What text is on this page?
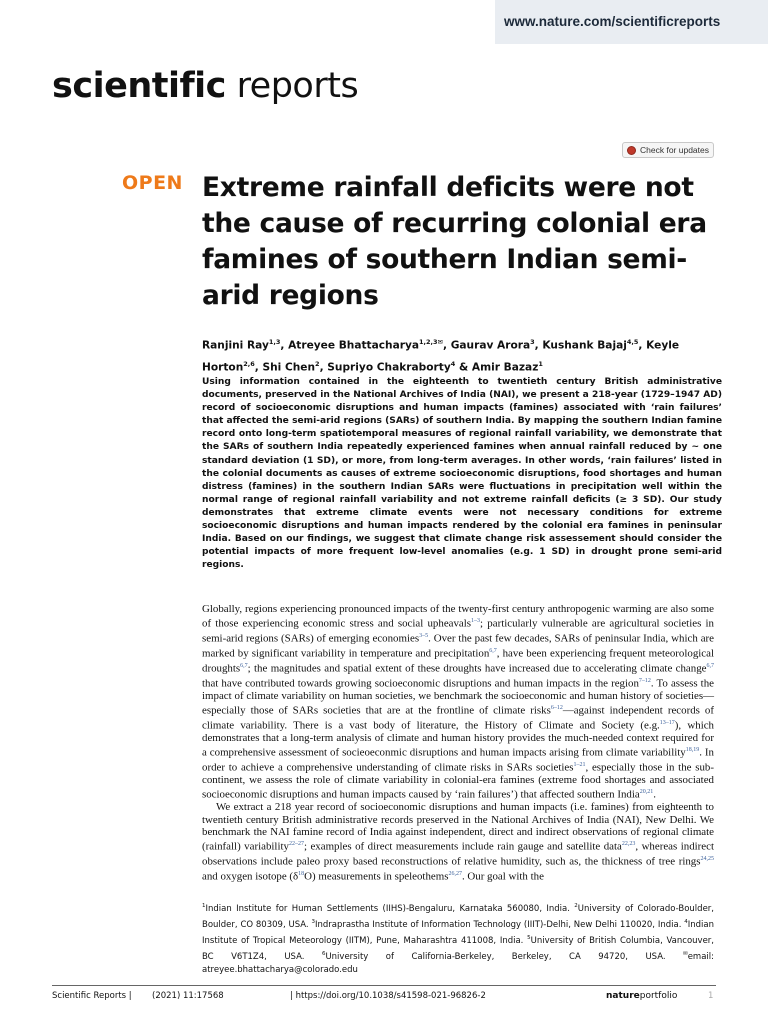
www.nature.com/scientificreports
scientific reports
Check for updates
OPEN Extreme rainfall deficits were not the cause of recurring colonial era famines of southern Indian semi-arid regions
Ranjini Ray$^{1,3}$, Atreyee Bhattacharya$^{1,2,3✉}$, Gaurav Arora$^3$, Kushank Bajaj$^{4,5}$, Keyle Horton$^{2,6}$, Shi Chen$^2$, Supriyo Chakraborty$^4$ & Amir Bazaz$^1$

Using information contained in the eighteenth to twentieth century British administrative documents, preserved in the National Archives of India (NAI), we present a 218-year (1729–1947 AD) record of socioeconomic disruptions and human impacts (famines) associated with ‘rain failures’ that affected the semi-arid regions (SARs) of southern India. By mapping the southern Indian famine record onto long-term spatiotemporal measures of regional rainfall variability, we demonstrate that the SARs of southern India repeatedly experienced famines when annual rainfall reduced by ~ one standard deviation (1 SD), or more, from long-term averages. In other words, ‘rain failures’ listed in the colonial documents as causes of extreme socioeconomic disruptions, food shortages and human distress (famines) in the southern Indian SARs were fluctuations in precipitation well within the normal range of regional rainfall variability and not extreme rainfall deficits (≥ 3 SD). Our study demonstrates that extreme climate events were not necessary conditions for extreme socioeconomic disruptions and human impacts rendered by the colonial era famines in peninsular India. Based on our findings, we suggest that climate change risk assessement should consider the potential impacts of more frequent low-level anomalies (e.g. 1 SD) in drought prone semi-arid regions.

Globally, regions experiencing pronounced impacts of the twenty-first century anthropogenic warming are also some of those experiencing economic stress and social upheavals$^{1-3}$; particularly vulnerable are agricultural societies in semi-arid regions (SARs) of emerging economies$^{3-5}$. Over the past few decades, SARs of peninsular India, which are marked by significant variability in temperature and precipitation$^{6,7}$, have been experiencing frequent meteorological droughts$^{6,7}$; the magnitudes and spatial extent of these droughts have increased due to accelerating climate change$^{6,7}$ that have contributed towards growing socioeconomic disruptions and human impacts in the region$^{7-12}$. To assess the impact of climate variability on human societies, we benchmark the socioeconomic and human history of societies—especially those of SARs societies that are at the frontline of climate risks$^{6-12}$—against independent records of climate variability. There is a vast body of literature, the History of Climate and Society (e.g.$^{13-17}$), which demonstrates that a long-term analysis of climate and human history provides the much-needed context required for a comprehensive assessment of socieoeconmic disruptions and human impacts arising from climate variability$^{18,19}$. In order to achieve a comprehensive understanding of climate risks in SARs societies$^{1-21}$, especially those in the sub-continent, we assess the role of climate variability in colonial-era famines (extreme food shortages and associated socioeconomic disruptions and human impacts caused by ‘rain failures’) that affected southern India$^{20,21}$.

We extract a 218 year record of socioeconomic disruptions and human impacts (i.e. famines) from eighteenth to twentieth century British administrative records preserved in the National Archives of India (NAI), New Delhi. We benchmark the NAI famine record of India against independent, direct and indirect observations of regional climate (rainfall) variability$^{22-27}$; examples of direct measurements include rain gauge and satellite data$^{22,23}$, whereas indirect observations include paleo proxy based reconstructions of relative humidity, such as, the thickness of tree rings$^{24,25}$ and oxygen isotope $(\delta^{18}O)$ measurements in speleothems$^{26,27}$. Our goal with the

$^1$Indian Institute for Human Settlements (IIHS)-Bengaluru, Karnataka 560080, India. $^2$University of Colorado-Boulder, Boulder, CO 80309, USA. $^3$Indraprastha Institute of Information Technology (IIIT)-Delhi, New Delhi 110020, India. $^4$Indian Institute of Tropical Meteorology (IITM), Pune, Maharashtra 411008, India. $^5$University of British Columbia, Vancouver, BC V6T1Z4, USA. $^6$University of California-Berkeley, Berkeley, CA 94720, USA. ✉email: atreyee.bhattacharya@colorado.edu

Scientific Reports | (2021) 11:17568	| https://doi.org/10.1038/s41598-021-96826-2	natureportfolio	1
